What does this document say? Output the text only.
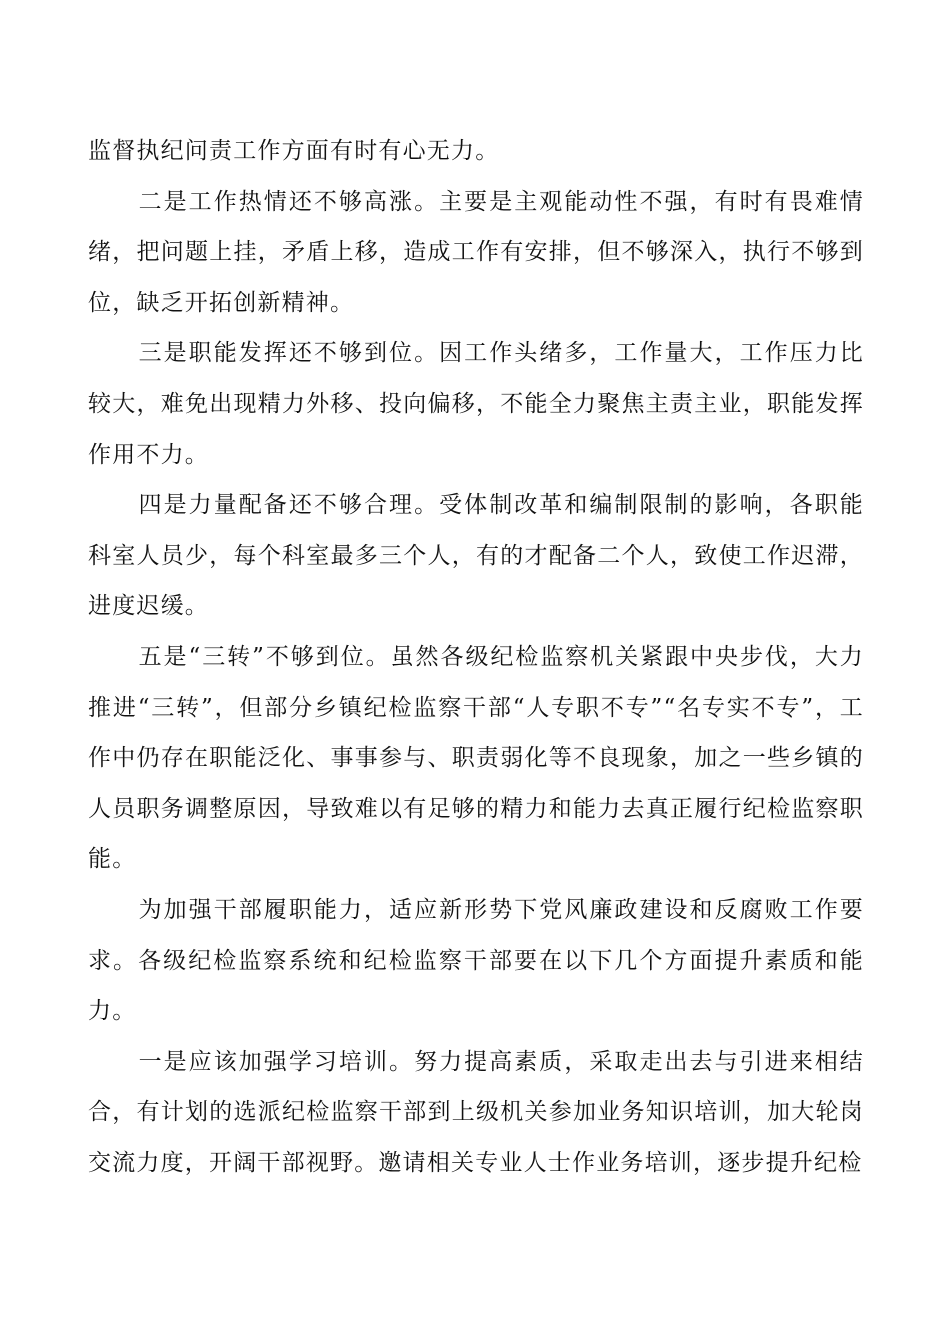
监督执纪问责工作方面有时有心无力。

二是工作热情还不够高涨。主要是主观能动性不强，有时有畏难情绪，把问题上挂，矛盾上移，造成工作有安排，但不够深入，执行不够到位，缺乏开拓创新精神。

三是职能发挥还不够到位。因工作头绪多，工作量大，工作压力比较大，难免出现精力外移、投向偏移，不能全力聚焦主责主业，职能发挥作用不力。

四是力量配备还不够合理。受体制改革和编制限制的影响，各职能科室人员少，每个科室最多三个人，有的才配备二个人，致使工作迟滞，进度迟缓。

五是“三转”不够到位。虽然各级纪检监察机关紧跟中央步伐，大力推进“三转”，但部分乡镇纪检监察干部“人专职不专”“名专实不专”，工作中仍存在职能泛化、事事参与、职责弱化等不良现象，加之一些乡镇的人员职务调整原因，导致难以有足够的精力和能力去真正履行纪检监察职能。

为加强干部履职能力，适应新形势下党风廉政建设和反腐败工作要求。各级纪检监察系统和纪检监察干部要在以下几个方面提升素质和能力。

一是应该加强学习培训。努力提高素质，采取走出去与引进来相结合，有计划的选派纪检监察干部到上级机关参加业务知识培训，加大轮岗交流力度，开阔干部视野。邀请相关专业人士作业务培训，逐步提升纪检
